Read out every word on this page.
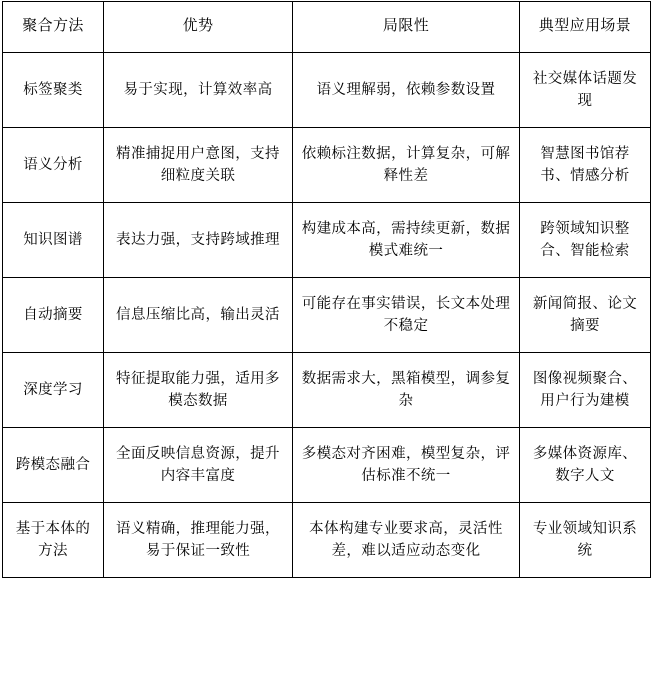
聚合方法	优势	局限性	典型应用场景
标签聚类	易于实现，计算效率高	语义理解弱，依赖参数设置	社交媒体话题发现
语义分析	精准捕捉用户意图，支持细粒度关联	依赖标注数据，计算复杂，可解释性差	智慧图书馆荐书、情感分析
知识图谱	表达力强，支持跨域推理	构建成本高，需持续更新，数据模式难统一	跨领域知识整合、智能检索
自动摘要	信息压缩比高，输出灵活	可能存在事实错误，长文本处理不稳定	新闻简报、论文摘要
深度学习	特征提取能力强，适用多模态数据	数据需求大，黑箱模型，调参复杂	图像视频聚合、用户行为建模
跨模态融合	全面反映信息资源，提升内容丰富度	多模态对齐困难，模型复杂，评估标准不统一	多媒体资源库、数字人文
基于本体的方法	语义精确，推理能力强，易于保证一致性	本体构建专业要求高，灵活性差，难以适应动态变化	专业领域知识系统
